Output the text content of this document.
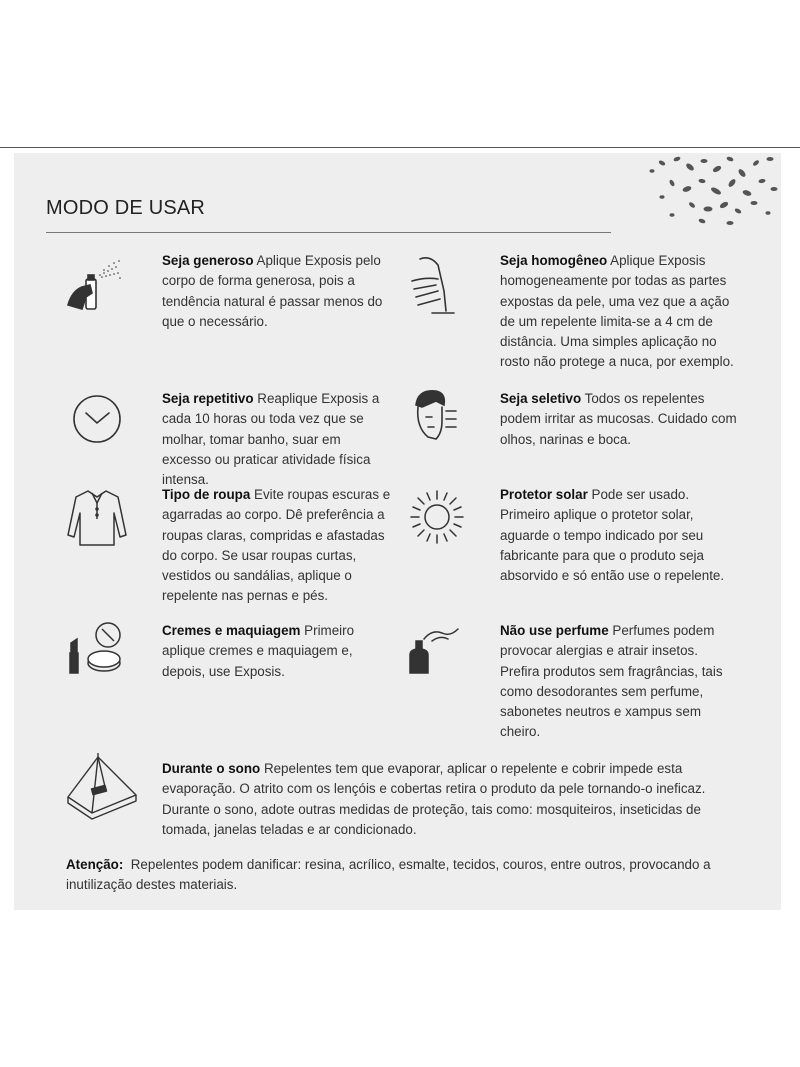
MODO DE USAR
Seja generoso Aplique Exposis pelo corpo de forma generosa, pois a tendência natural é passar menos do que o necessário.
Seja homogêneo Aplique Exposis homogeneamente por todas as partes expostas da pele, uma vez que a ação de um repelente limita-se a 4 cm de distância. Uma simples aplicação no rosto não protege a nuca, por exemplo.
Seja repetitivo Reaplique Exposis a cada 10 horas ou toda vez que se molhar, tomar banho, suar em excesso ou praticar atividade física intensa.
Seja seletivo Todos os repelentes podem irritar as mucosas. Cuidado com olhos, narinas e boca.
Tipo de roupa Evite roupas escuras e agarradas ao corpo. Dê preferência a roupas claras, compridas e afastadas do corpo. Se usar roupas curtas, vestidos ou sandálias, aplique o repelente nas pernas e pés.
Protetor solar Pode ser usado. Primeiro aplique o protetor solar, aguarde o tempo indicado por seu fabricante para que o produto seja absorvido e só então use o repelente.
Cremes e maquiagem Primeiro aplique cremes e maquiagem e, depois, use Exposis.
Não use perfume Perfumes podem provocar alergias e atrair insetos. Prefira produtos sem fragrâncias, tais como desodorantes sem perfume, sabonetes neutros e xampus sem cheiro.
Durante o sono Repelentes tem que evaporar, aplicar o repelente e cobrir impede esta evaporação. O atrito com os lençóis e cobertas retira o produto da pele tornando-o ineficaz. Durante o sono, adote outras medidas de proteção, tais como: mosquiteiros, inseticidas de tomada, janelas teladas e ar condicionado.
Atenção: Repelentes podem danificar: resina, acrílico, esmalte, tecidos, couros, entre outros, provocando a inutilização destes materiais.
